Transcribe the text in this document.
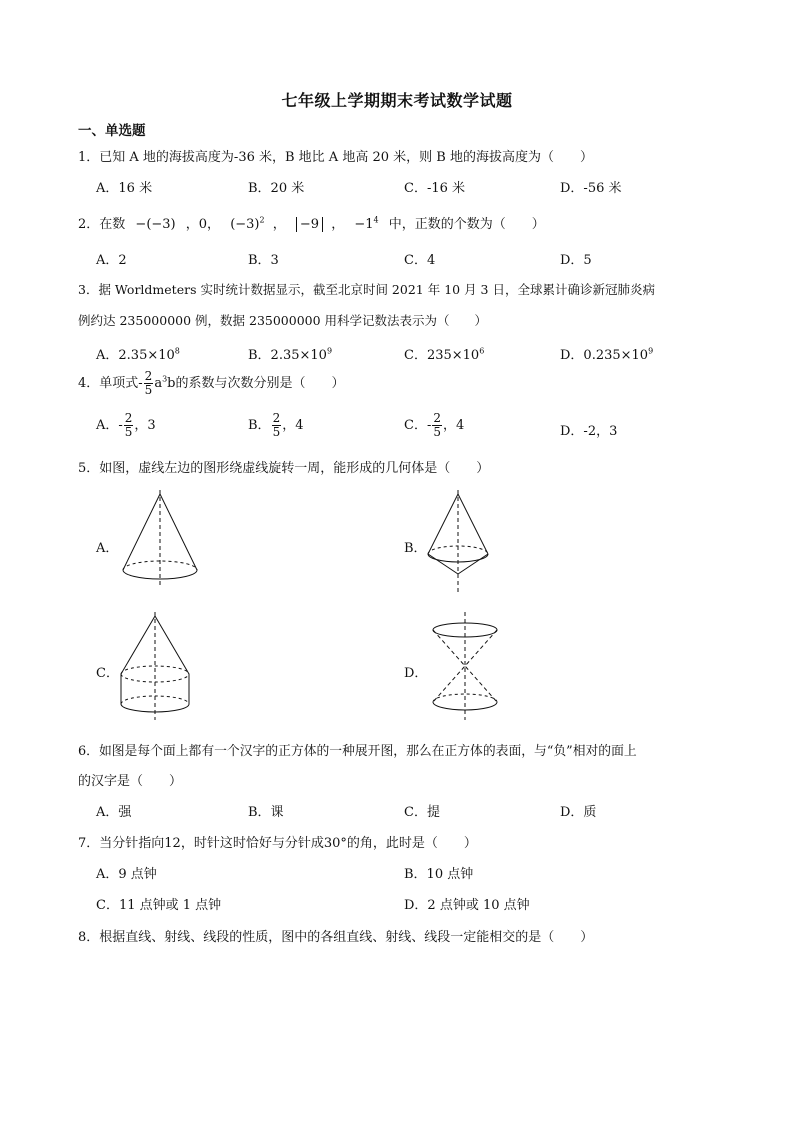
七年级上学期期末考试数学试题
一、单选题
1．已知 A 地的海拔高度为-36 米，B 地比 A 地高 20 米，则 B 地的海拔高度为（　　）
A．16 米	B．20 米	C．-16 米	D．-56 米
2．在数 −(−3) ，0， $(-3)^2$ ， −9 ， $-1^4$ 中，正数的个数为（　　）
A．2	B．3	C．4	D．5
3．据 Worldmeters 实时统计数据显示，截至北京时间 2021 年 10 月 3 日，全球累计确诊新冠肺炎病
例约达 235000000 例，数据 235000000 用科学记数法表示为（　　）
A．$2.35\times 10^8$	B．$2.35\times 10^9$	C．$235\times 10^6$	D．$0.235\times 10^9$
4．单项式- $\frac{2}{5} a^3b$的系数与次数分别是（　　）
A．- $\frac{2}{5}$ ，3	B． $\frac{2}{5}$ ，4	C．- $\frac{2}{5}$ ，4	D．-2，3
5．如图，虚线左边的图形绕虚线旋转一周，能形成的几何体是（　　）
A．	B．
C．	D．
6．如图是每个面上都有一个汉字的正方体的一种展开图，那么在正方体的表面，与“负”相对的面上
的汉字是（　　）
A．强	B．课	C．提	D．质
7．当分针指向12，时针这时恰好与分针成30°的角，此时是（　　）
A．9 点钟	B．10 点钟
C．11 点钟或 1 点钟	D．2 点钟或 10 点钟
8．根据直线、射线、线段的性质，图中的各组直线、射线、线段一定能相交的是（　　）
